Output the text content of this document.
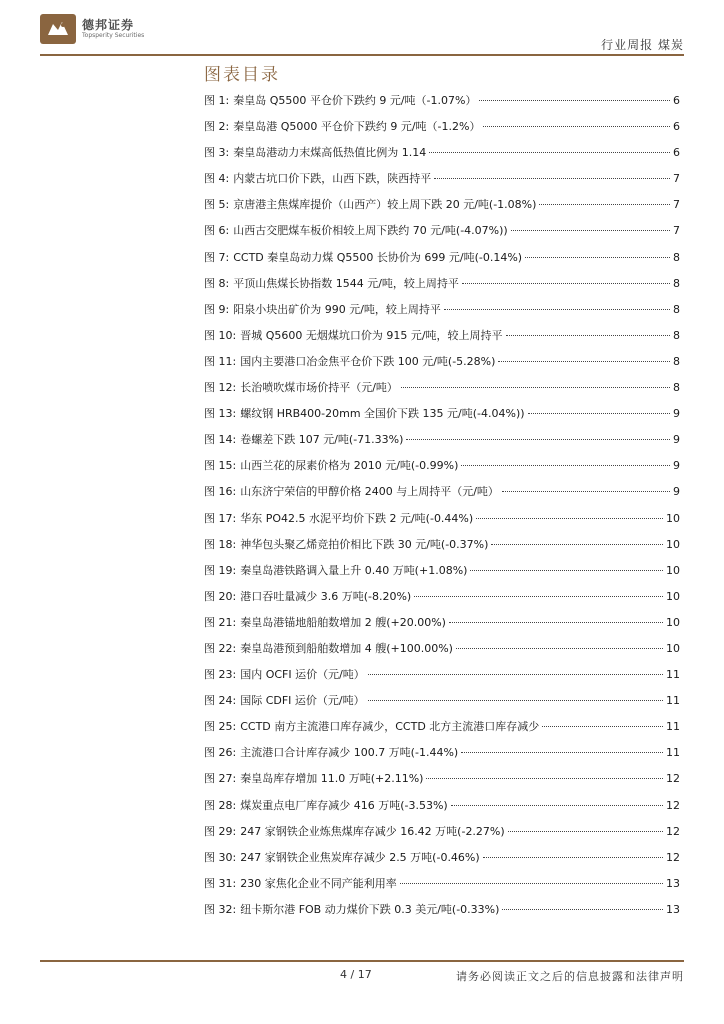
德邦证券
Topsperity Securities
行业周报 煤炭
图表目录
图 1: 秦皇岛 Q5500 平仓价下跌约 9 元/吨（-1.07%）	6
图 2: 秦皇岛港 Q5000 平仓价下跌约 9 元/吨（-1.2%）	6
图 3: 秦皇岛港动力末煤高低热值比例为 1.14	6
图 4: 内蒙古坑口价下跌，山西下跌，陕西持平	7
图 5: 京唐港主焦煤库提价（山西产）较上周下跌 20 元/吨(-1.08%)	7
图 6: 山西古交肥煤车板价相较上周下跌约 70 元/吨(-4.07%))	7
图 7: CCTD 秦皇岛动力煤 Q5500 长协价为 699 元/吨(-0.14%)	8
图 8: 平顶山焦煤长协指数 1544 元/吨，较上周持平	8
图 9: 阳泉小块出矿价为 990 元/吨，较上周持平	8
图 10: 晋城 Q5600 无烟煤坑口价为 915 元/吨，较上周持平	8
图 11: 国内主要港口冶金焦平仓价下跌 100 元/吨(-5.28%)	8
图 12: 长治喷吹煤市场价持平（元/吨）	8
图 13: 螺纹钢 HRB400-20mm 全国价下跌 135 元/吨(-4.04%))	9
图 14: 卷螺差下跌 107 元/吨(-71.33%)	9
图 15: 山西兰花的尿素价格为 2010 元/吨(-0.99%)	9
图 16: 山东济宁荣信的甲醇价格 2400 与上周持平（元/吨）	9
图 17: 华东 PO42.5 水泥平均价下跌 2 元/吨(-0.44%)	10
图 18: 神华包头聚乙烯竞拍价相比下跌 30 元/吨(-0.37%)	10
图 19: 秦皇岛港铁路调入量上升 0.40 万吨(+1.08%)	10
图 20: 港口吞吐量减少 3.6 万吨(-8.20%)	10
图 21: 秦皇岛港锚地船舶数增加 2 艘(+20.00%)	10
图 22: 秦皇岛港预到船舶数增加 4 艘(+100.00%)	10
图 23: 国内 OCFI 运价（元/吨）	11
图 24: 国际 CDFI 运价（元/吨）	11
图 25: CCTD 南方主流港口库存减少，CCTD 北方主流港口库存减少	11
图 26: 主流港口合计库存减少 100.7 万吨(-1.44%)	11
图 27: 秦皇岛库存增加 11.0 万吨(+2.11%)	12
图 28: 煤炭重点电厂库存减少 416 万吨(-3.53%)	12
图 29: 247 家钢铁企业炼焦煤库存减少 16.42 万吨(-2.27%)	12
图 30: 247 家钢铁企业焦炭库存减少 2.5 万吨(-0.46%)	12
图 31: 230 家焦化企业不同产能利用率	13
图 32: 纽卡斯尔港 FOB 动力煤价下跌 0.3 美元/吨(-0.33%)	13
4 / 17	请务必阅读正文之后的信息披露和法律声明
